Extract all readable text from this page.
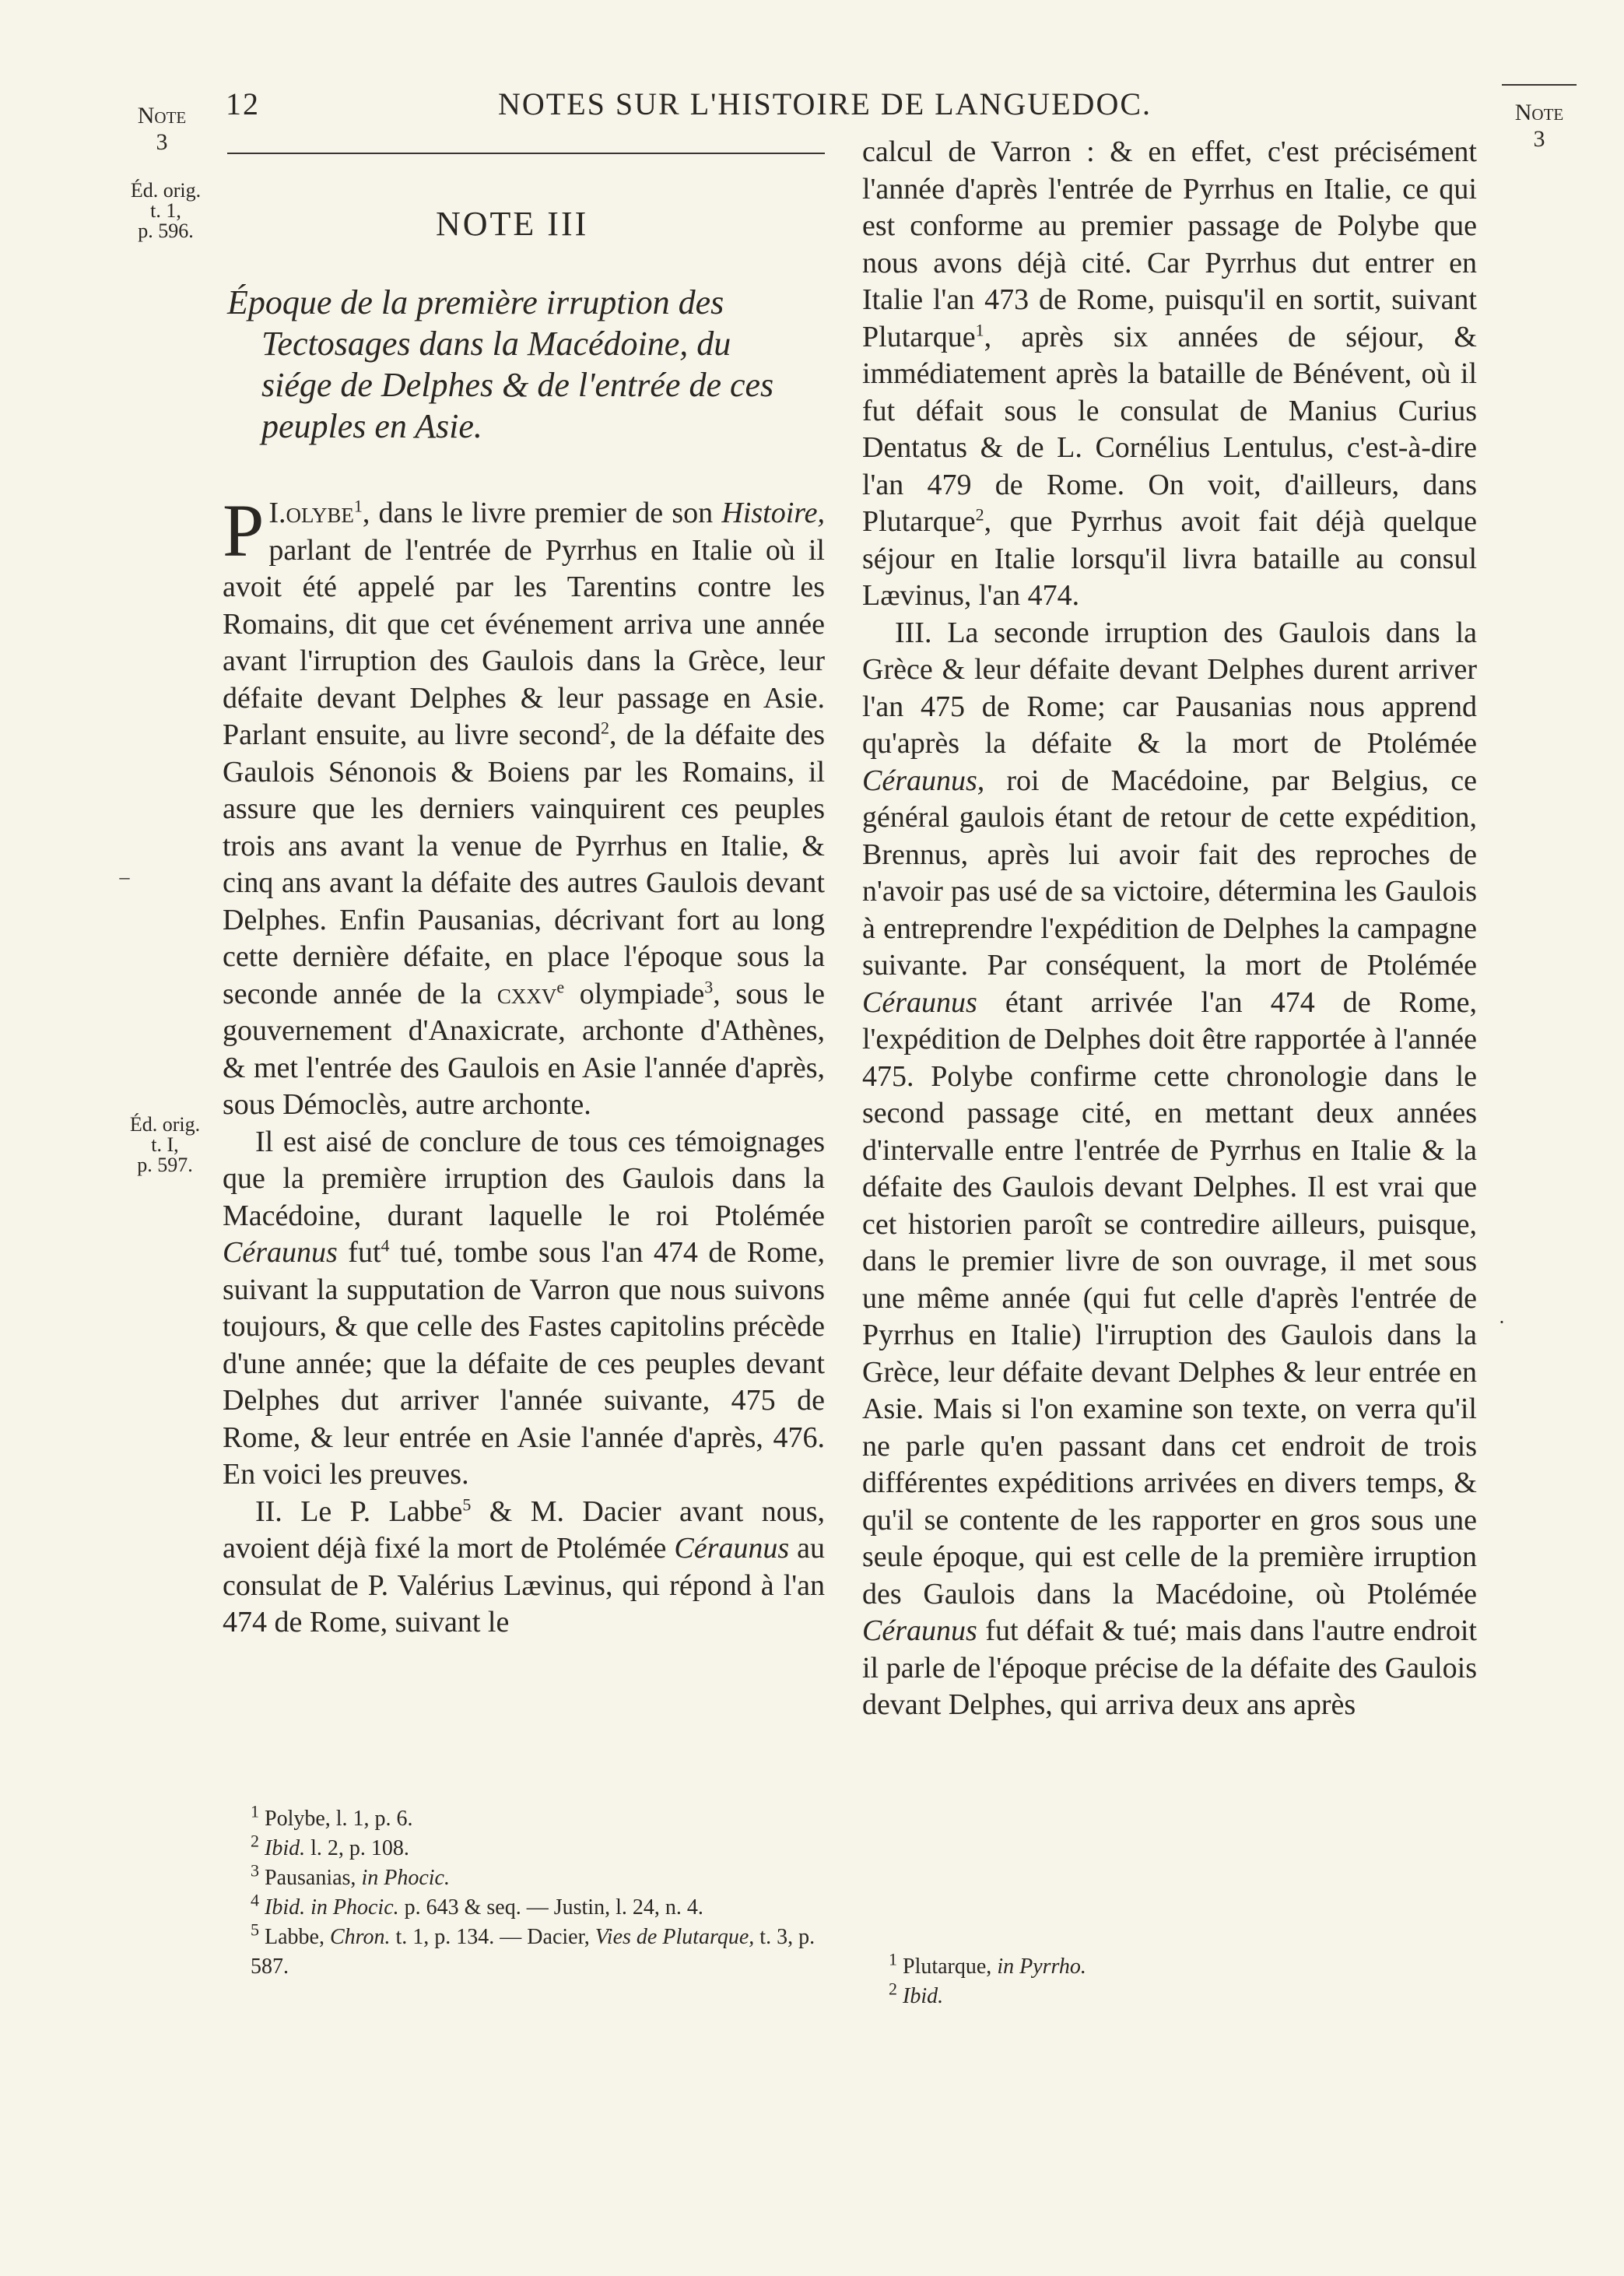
Note
3
Éd. orig.
t. 1,
p. 596.
–
Éd. orig.
t. I,
p. 597.
Note
3
·
12	NOTES SUR L'HISTOIRE DE LANGUEDOC.
NOTE III
Époque de la première irruption des
Tectosages dans la Macédoine, du
siége de Delphes & de l'entrée de ces
peuples en Asie.

I.
P olybe$^1$, dans le livre premier de son Histoire, parlant de l'entrée de Pyrrhus en Italie où il avoit été appelé par les Tarentins contre les Romains, dit que cet événement arriva une année avant l'irruption des Gaulois dans la Grèce, leur défaite devant Delphes & leur passage en Asie. Parlant ensuite, au livre second$^2$, de la défaite des Gaulois Sénonois & Boiens par les Romains, il assure que les derniers vainquirent ces peuples trois ans avant la venue de Pyrrhus en Italie, & cinq ans avant la défaite des autres Gaulois devant Delphes. Enfin Pausanias, décrivant fort au long cette dernière défaite, en place l'époque sous la seconde année de la cxxv$^e$ olympiade$^3$, sous le gouvernement d'Anaxicrate, archonte d'Athènes, & met l'entrée des Gaulois en Asie l'année d'après, sous Démoclès, autre archonte.

Il est aisé de conclure de tous ces témoignages que la première irruption des Gaulois dans la Macédoine, durant laquelle le roi Ptolémée Céraunus fut$^4$ tué, tombe sous l'an 474 de Rome, suivant la supputation de Varron que nous suivons toujours, & que celle des Fastes capitolins précède d'une année; que la défaite de ces peuples devant Delphes dut arriver l'année suivante, 475 de Rome, & leur entrée en Asie l'année d'après, 476. En voici les preuves.

II. Le P. Labbe$^5$ & M. Dacier avant nous, avoient déjà fixé la mort de Ptolémée Céraunus au consulat de P. Valérius Lævinus, qui répond à l'an 474 de Rome, suivant le

$^1$ Polybe, l. 1, p. 6.
$^2$ Ibid. l. 2, p. 108.
$^3$ Pausanias, in Phocic.
$^4$ Ibid. in Phocic. p. 643 & seq. — Justin, l. 24, n. 4.
$^5$ Labbe, Chron. t. 1, p. 134. — Dacier, Vies de Plutarque, t. 3, p. 587.

calcul de Varron : & en effet, c'est précisément l'année d'après l'entrée de Pyrrhus en Italie, ce qui est conforme au premier passage de Polybe que nous avons déjà cité. Car Pyrrhus dut entrer en Italie l'an 473 de Rome, puisqu'il en sortit, suivant Plutarque$^1$, après six années de séjour, & immédiatement après la bataille de Bénévent, où il fut défait sous le consulat de Manius Curius Dentatus & de L. Cornélius Lentulus, c'est-à-dire l'an 479 de Rome. On voit, d'ailleurs, dans Plutarque$^2$, que Pyrrhus avoit fait déjà quelque séjour en Italie lorsqu'il livra bataille au consul Lævinus, l'an 474.

III. La seconde irruption des Gaulois dans la Grèce & leur défaite devant Delphes durent arriver l'an 475 de Rome; car Pausanias nous apprend qu'après la défaite & la mort de Ptolémée Céraunus, roi de Macédoine, par Belgius, ce général gaulois étant de retour de cette expédition, Brennus, après lui avoir fait des reproches de n'avoir pas usé de sa victoire, détermina les Gaulois à entreprendre l'expédition de Delphes la campagne suivante. Par conséquent, la mort de Ptolémée Céraunus étant arrivée l'an 474 de Rome, l'expédition de Delphes doit être rapportée à l'année 475. Polybe confirme cette chronologie dans le second passage cité, en mettant deux années d'intervalle entre l'entrée de Pyrrhus en Italie & la défaite des Gaulois devant Delphes. Il est vrai que cet historien paroît se contredire ailleurs, puisque, dans le premier livre de son ouvrage, il met sous une même année (qui fut celle d'après l'entrée de Pyrrhus en Italie) l'irruption des Gaulois dans la Grèce, leur défaite devant Delphes & leur entrée en Asie. Mais si l'on examine son texte, on verra qu'il ne parle qu'en passant dans cet endroit de trois différentes expéditions arrivées en divers temps, & qu'il se contente de les rapporter en gros sous une seule époque, qui est celle de la première irruption des Gaulois dans la Macédoine, où Ptolémée Céraunus fut défait & tué; mais dans l'autre endroit il parle de l'époque précise de la défaite des Gaulois devant Delphes, qui arriva deux ans après

$^1$ Plutarque, in Pyrrho.
$^2$ Ibid.
